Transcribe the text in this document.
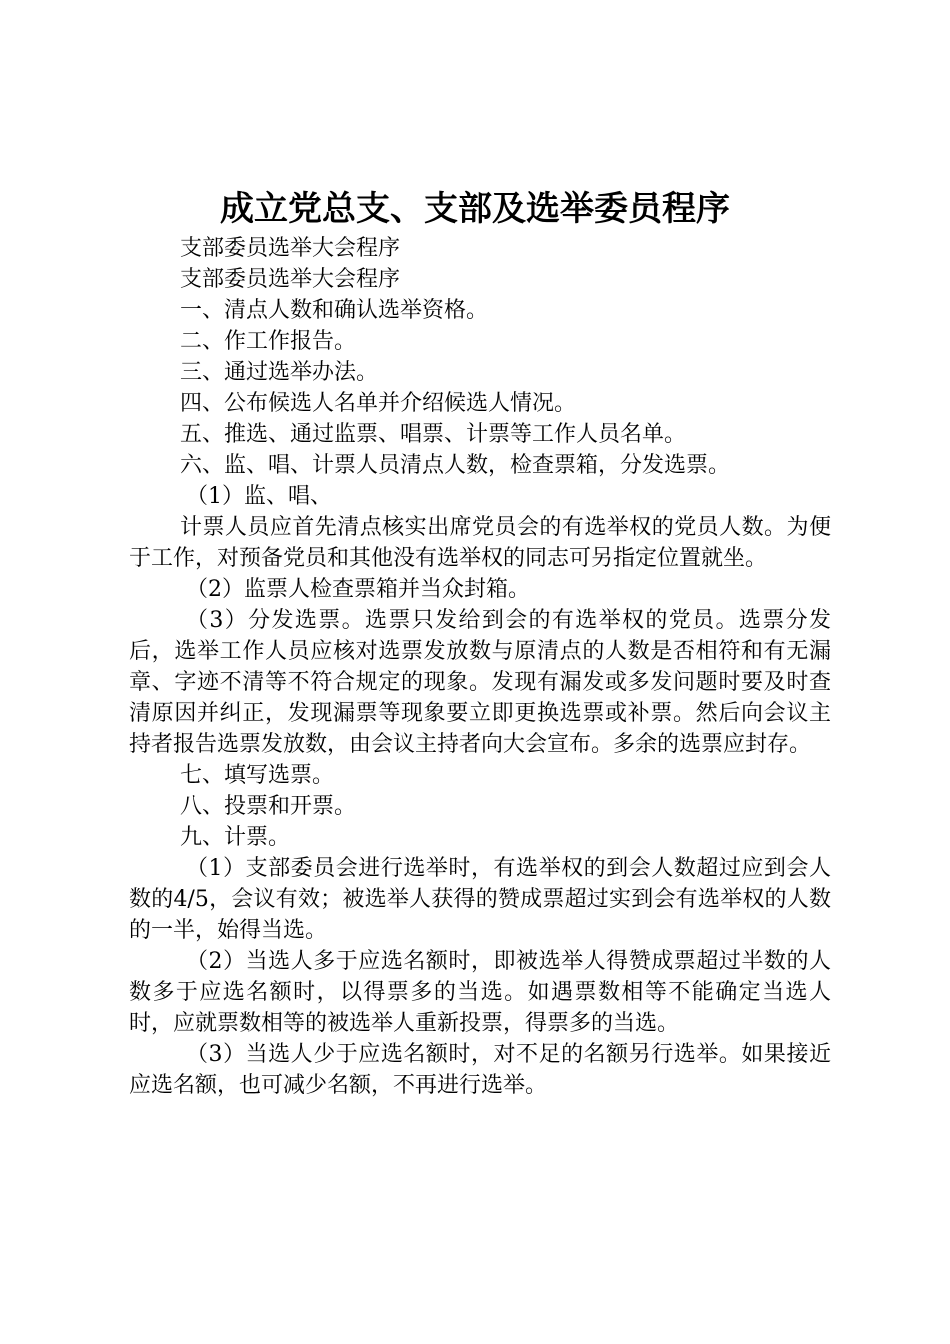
成立党总支、支部及选举委员程序

支部委员选举大会程序

支部委员选举大会程序

一、清点人数和确认选举资格。

二、作工作报告。

三、通过选举办法。

四、公布候选人名单并介绍候选人情况。

五、推选、通过监票、唱票、计票等工作人员名单。

六、监、唱、计票人员清点人数，检查票箱，分发选票。

（1）监、唱、

计票人员应首先清点核实出席党员会的有选举权的党员人数。为便于工作，对预备党员和其他没有选举权的同志可另指定位置就坐。

（2）监票人检查票箱并当众封箱。

（3）分发选票。选票只发给到会的有选举权的党员。选票分发后，选举工作人员应核对选票发放数与原清点的人数是否相符和有无漏章、字迹不清等不符合规定的现象。发现有漏发或多发问题时要及时查清原因并纠正，发现漏票等现象要立即更换选票或补票。然后向会议主持者报告选票发放数，由会议主持者向大会宣布。多余的选票应封存。

七、填写选票。

八、投票和开票。

九、计票。

（1）支部委员会进行选举时，有选举权的到会人数超过应到会人数的4/5，会议有效；被选举人获得的赞成票超过实到会有选举权的人数的一半，始得当选。

（2）当选人多于应选名额时，即被选举人得赞成票超过半数的人数多于应选名额时，以得票多的当选。如遇票数相等不能确定当选人时，应就票数相等的被选举人重新投票，得票多的当选。

（3）当选人少于应选名额时，对不足的名额另行选举。如果接近应选名额，也可减少名额，不再进行选举。
